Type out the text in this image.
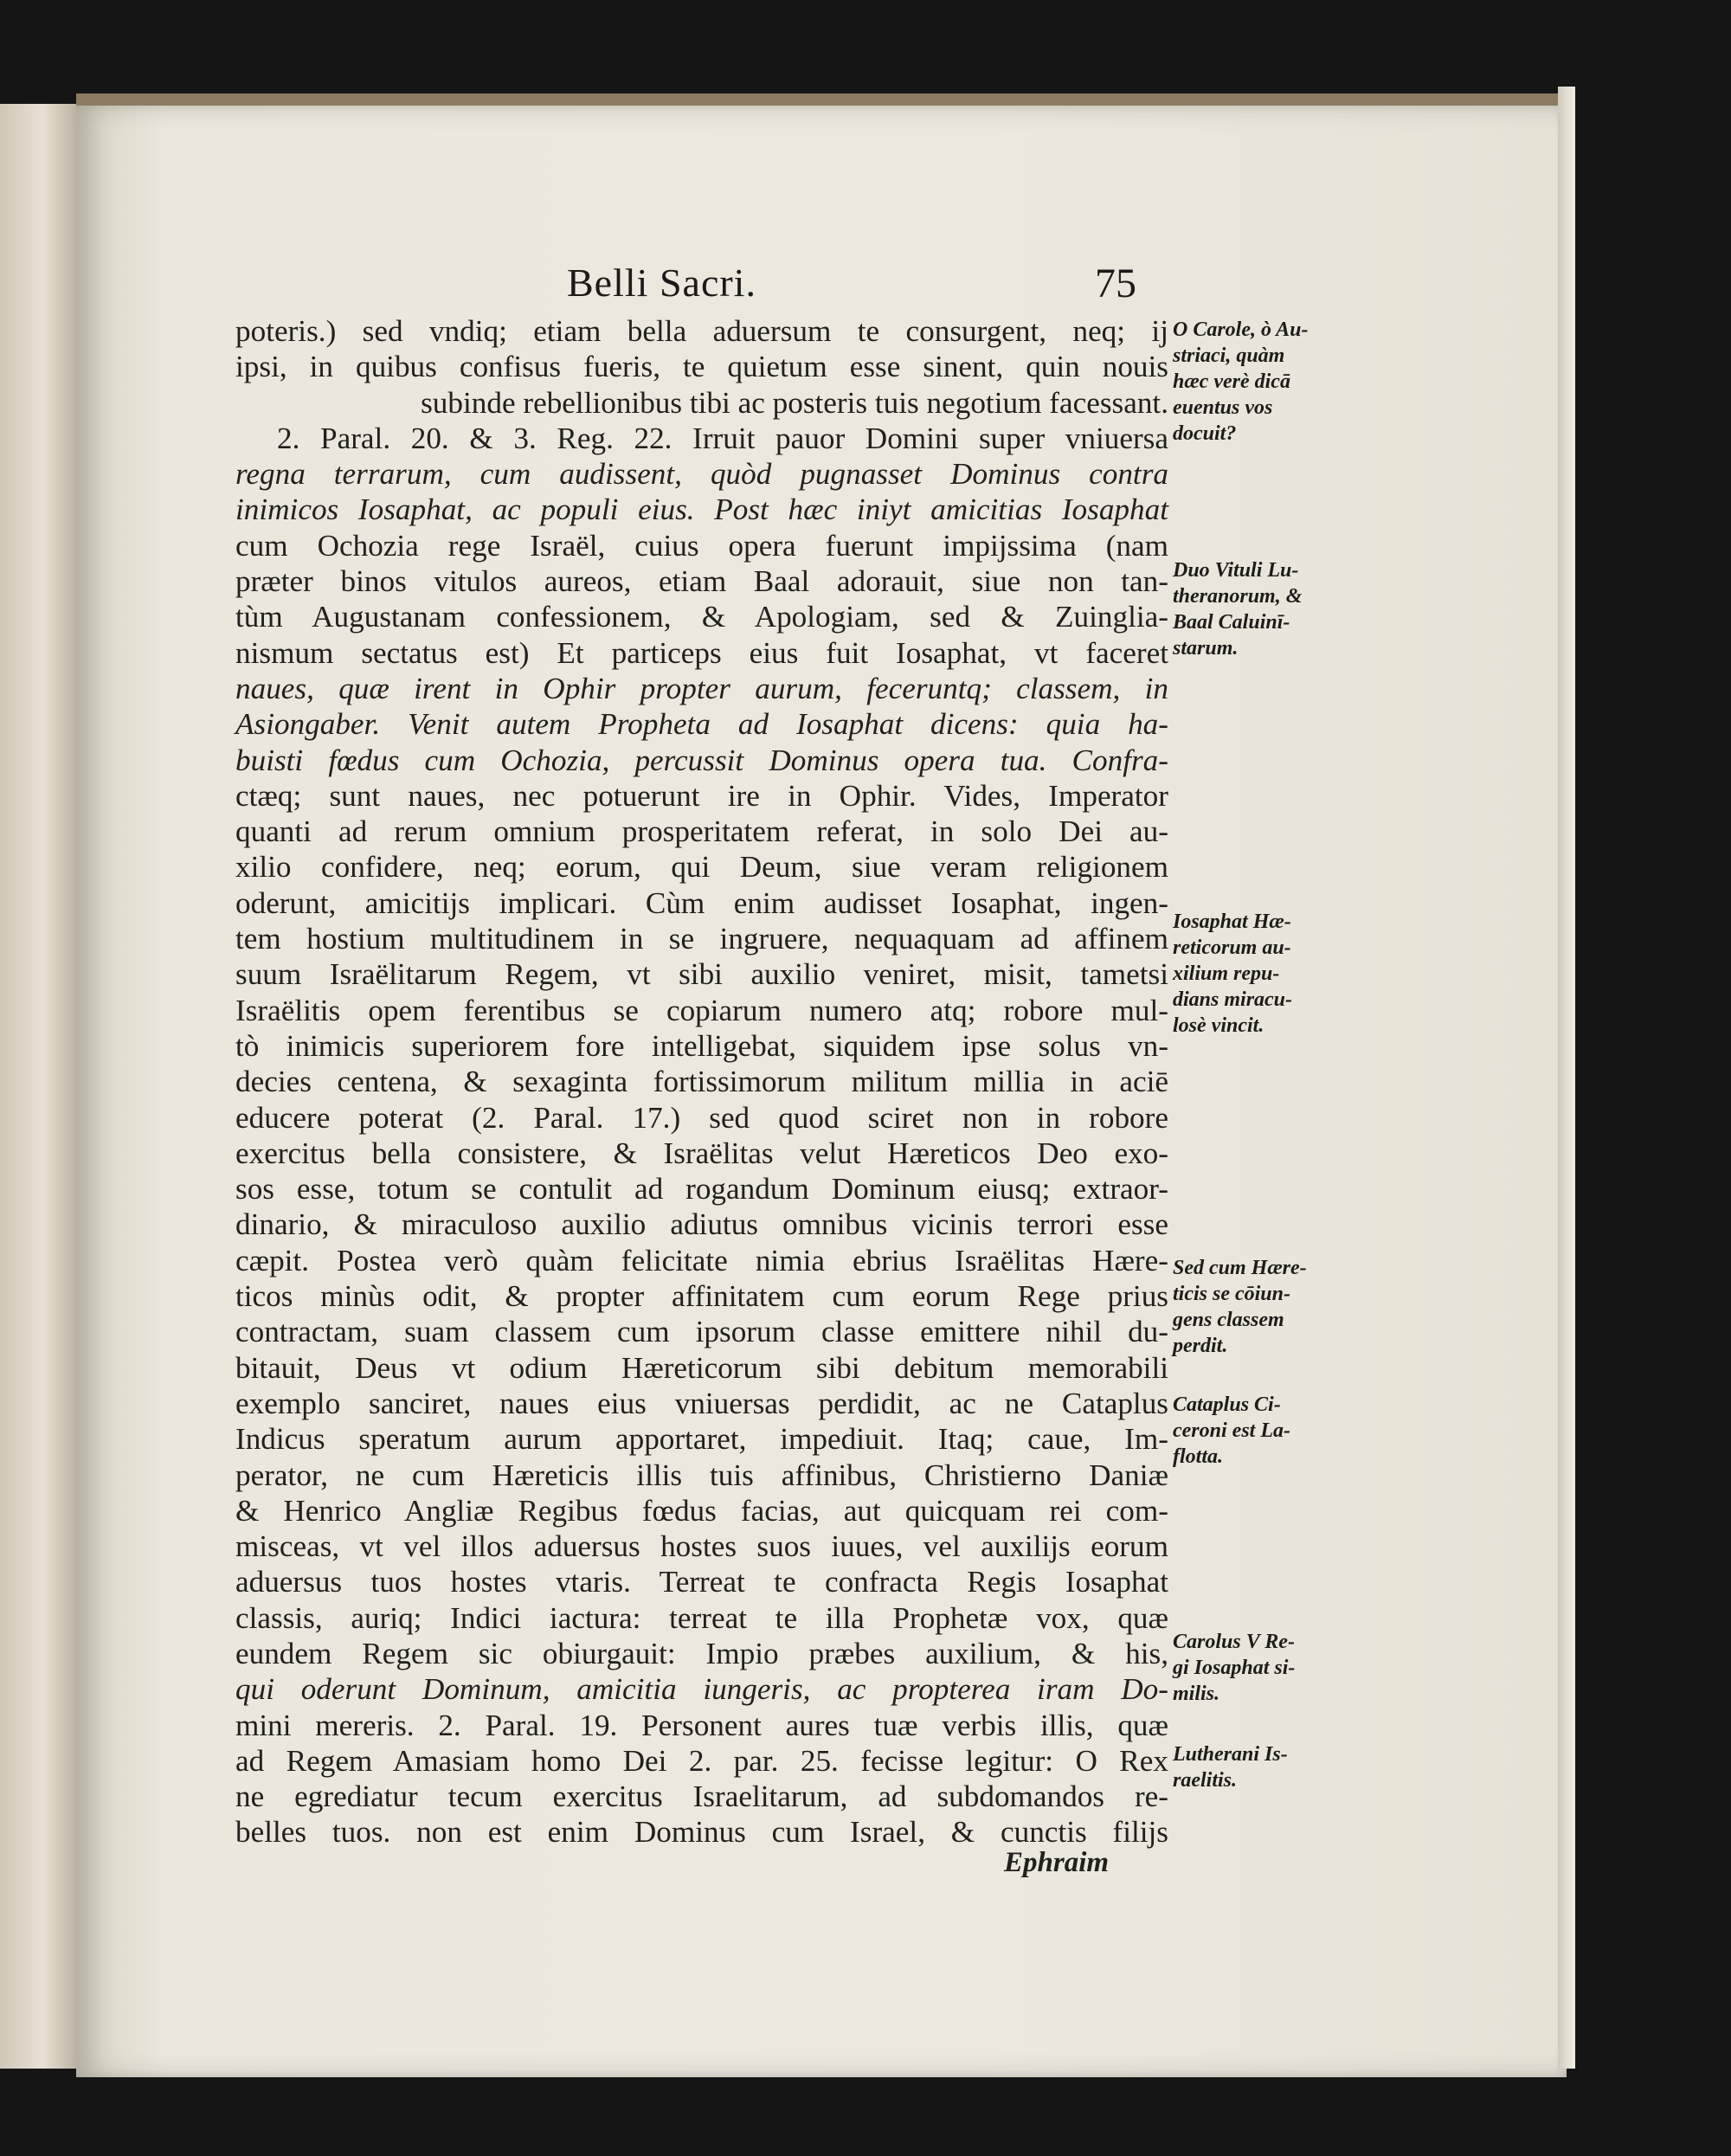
Belli Sacri.	75
poteris.) sed vndiq; etiam bella aduersum te consurgent, neq; ij
ipsi, in quibus confisus fueris, te quietum esse sinent, quin nouis
subinde rebellionibus tibi ac posteris tuis negotium facessant.
2. Paral. 20. & 3. Reg. 22. Irruit pauor Domini super vniuersa
regna terrarum, cum audissent, quòd pugnasset Dominus contra
inimicos Iosaphat, ac populi eius. Post hæc iniyt amicitias Iosaphat
cum Ochozia rege Israël, cuius opera fuerunt impijssima (nam
præter binos vitulos aureos, etiam Baal adorauit, siue non tan-
tùm Augustanam confessionem, & Apologiam, sed & Zuinglia-
nismum sectatus est) Et particeps eius fuit Iosaphat, vt faceret
naues, quæ irent in Ophir propter aurum, feceruntq; classem, in
Asiongaber. Venit autem Propheta ad Iosaphat dicens: quia ha-
buisti fœdus cum Ochozia, percussit Dominus opera tua. Confra-
ctæq; sunt naues, nec potuerunt ire in Ophir. Vides, Imperator
quanti ad rerum omnium prosperitatem referat, in solo Dei au-
xilio confidere, neq; eorum, qui Deum, siue veram religionem
oderunt, amicitijs implicari. Cùm enim audisset Iosaphat, ingen-
tem hostium multitudinem in se ingruere, nequaquam ad affinem
suum Israëlitarum Regem, vt sibi auxilio veniret, misit, tametsi
Israëlitis opem ferentibus se copiarum numero atq; robore mul-
tò inimicis superiorem fore intelligebat, siquidem ipse solus vn-
decies centena, & sexaginta fortissimorum militum millia in aciē
educere poterat (2. Paral. 17.) sed quod sciret non in robore
exercitus bella consistere, & Israëlitas velut Hæreticos Deo exo-
sos esse, totum se contulit ad rogandum Dominum eiusq; extraor-
dinario, & miraculoso auxilio adiutus omnibus vicinis terrori esse
cæpit. Postea verò quàm felicitate nimia ebrius Israëlitas Hære-
ticos minùs odit, & propter affinitatem cum eorum Rege prius
contractam, suam classem cum ipsorum classe emittere nihil du-
bitauit, Deus vt odium Hæreticorum sibi debitum memorabili
exemplo sanciret, naues eius vniuersas perdidit, ac ne Cataplus
Indicus speratum aurum apportaret, impediuit. Itaq; caue, Im-
perator, ne cum Hæreticis illis tuis affinibus, Christierno Daniæ
& Henrico Angliæ Regibus fœdus facias, aut quicquam rei com-
misceas, vt vel illos aduersus hostes suos iuues, vel auxilijs eorum
aduersus tuos hostes vtaris. Terreat te confracta Regis Iosaphat
classis, auriq; Indici iactura: terreat te illa Prophetæ vox, quæ
eundem Regem sic obiurgauit: Impio præbes auxilium, & his,
qui oderunt Dominum, amicitia iungeris, ac propterea iram Do-
mini mereris. 2. Paral. 19. Personent aures tuæ verbis illis, quæ
ad Regem Amasiam homo Dei 2. par. 25. fecisse legitur: O Rex
ne egrediatur tecum exercitus Israelitarum, ad subdomandos re-
belles tuos. non est enim Dominus cum Israel, & cunctis filijs
Ephraim
O Carole, ò Au-
striaci, quàm
hæc verè dicā
euentus vos
docuit?
Duo Vituli Lu-
theranorum, &
Baal Caluinī-
starum.
Iosaphat Hæ-
reticorum au-
xilium repu-
dians miracu-
losè vincit.
Sed cum Hære-
ticis se cōiun-
gens classem
perdit.
Cataplus Ci-
ceroni est La-
flotta.
Carolus V Re-
gi Iosaphat si-
milis.
Lutherani Is-
raelitis.
